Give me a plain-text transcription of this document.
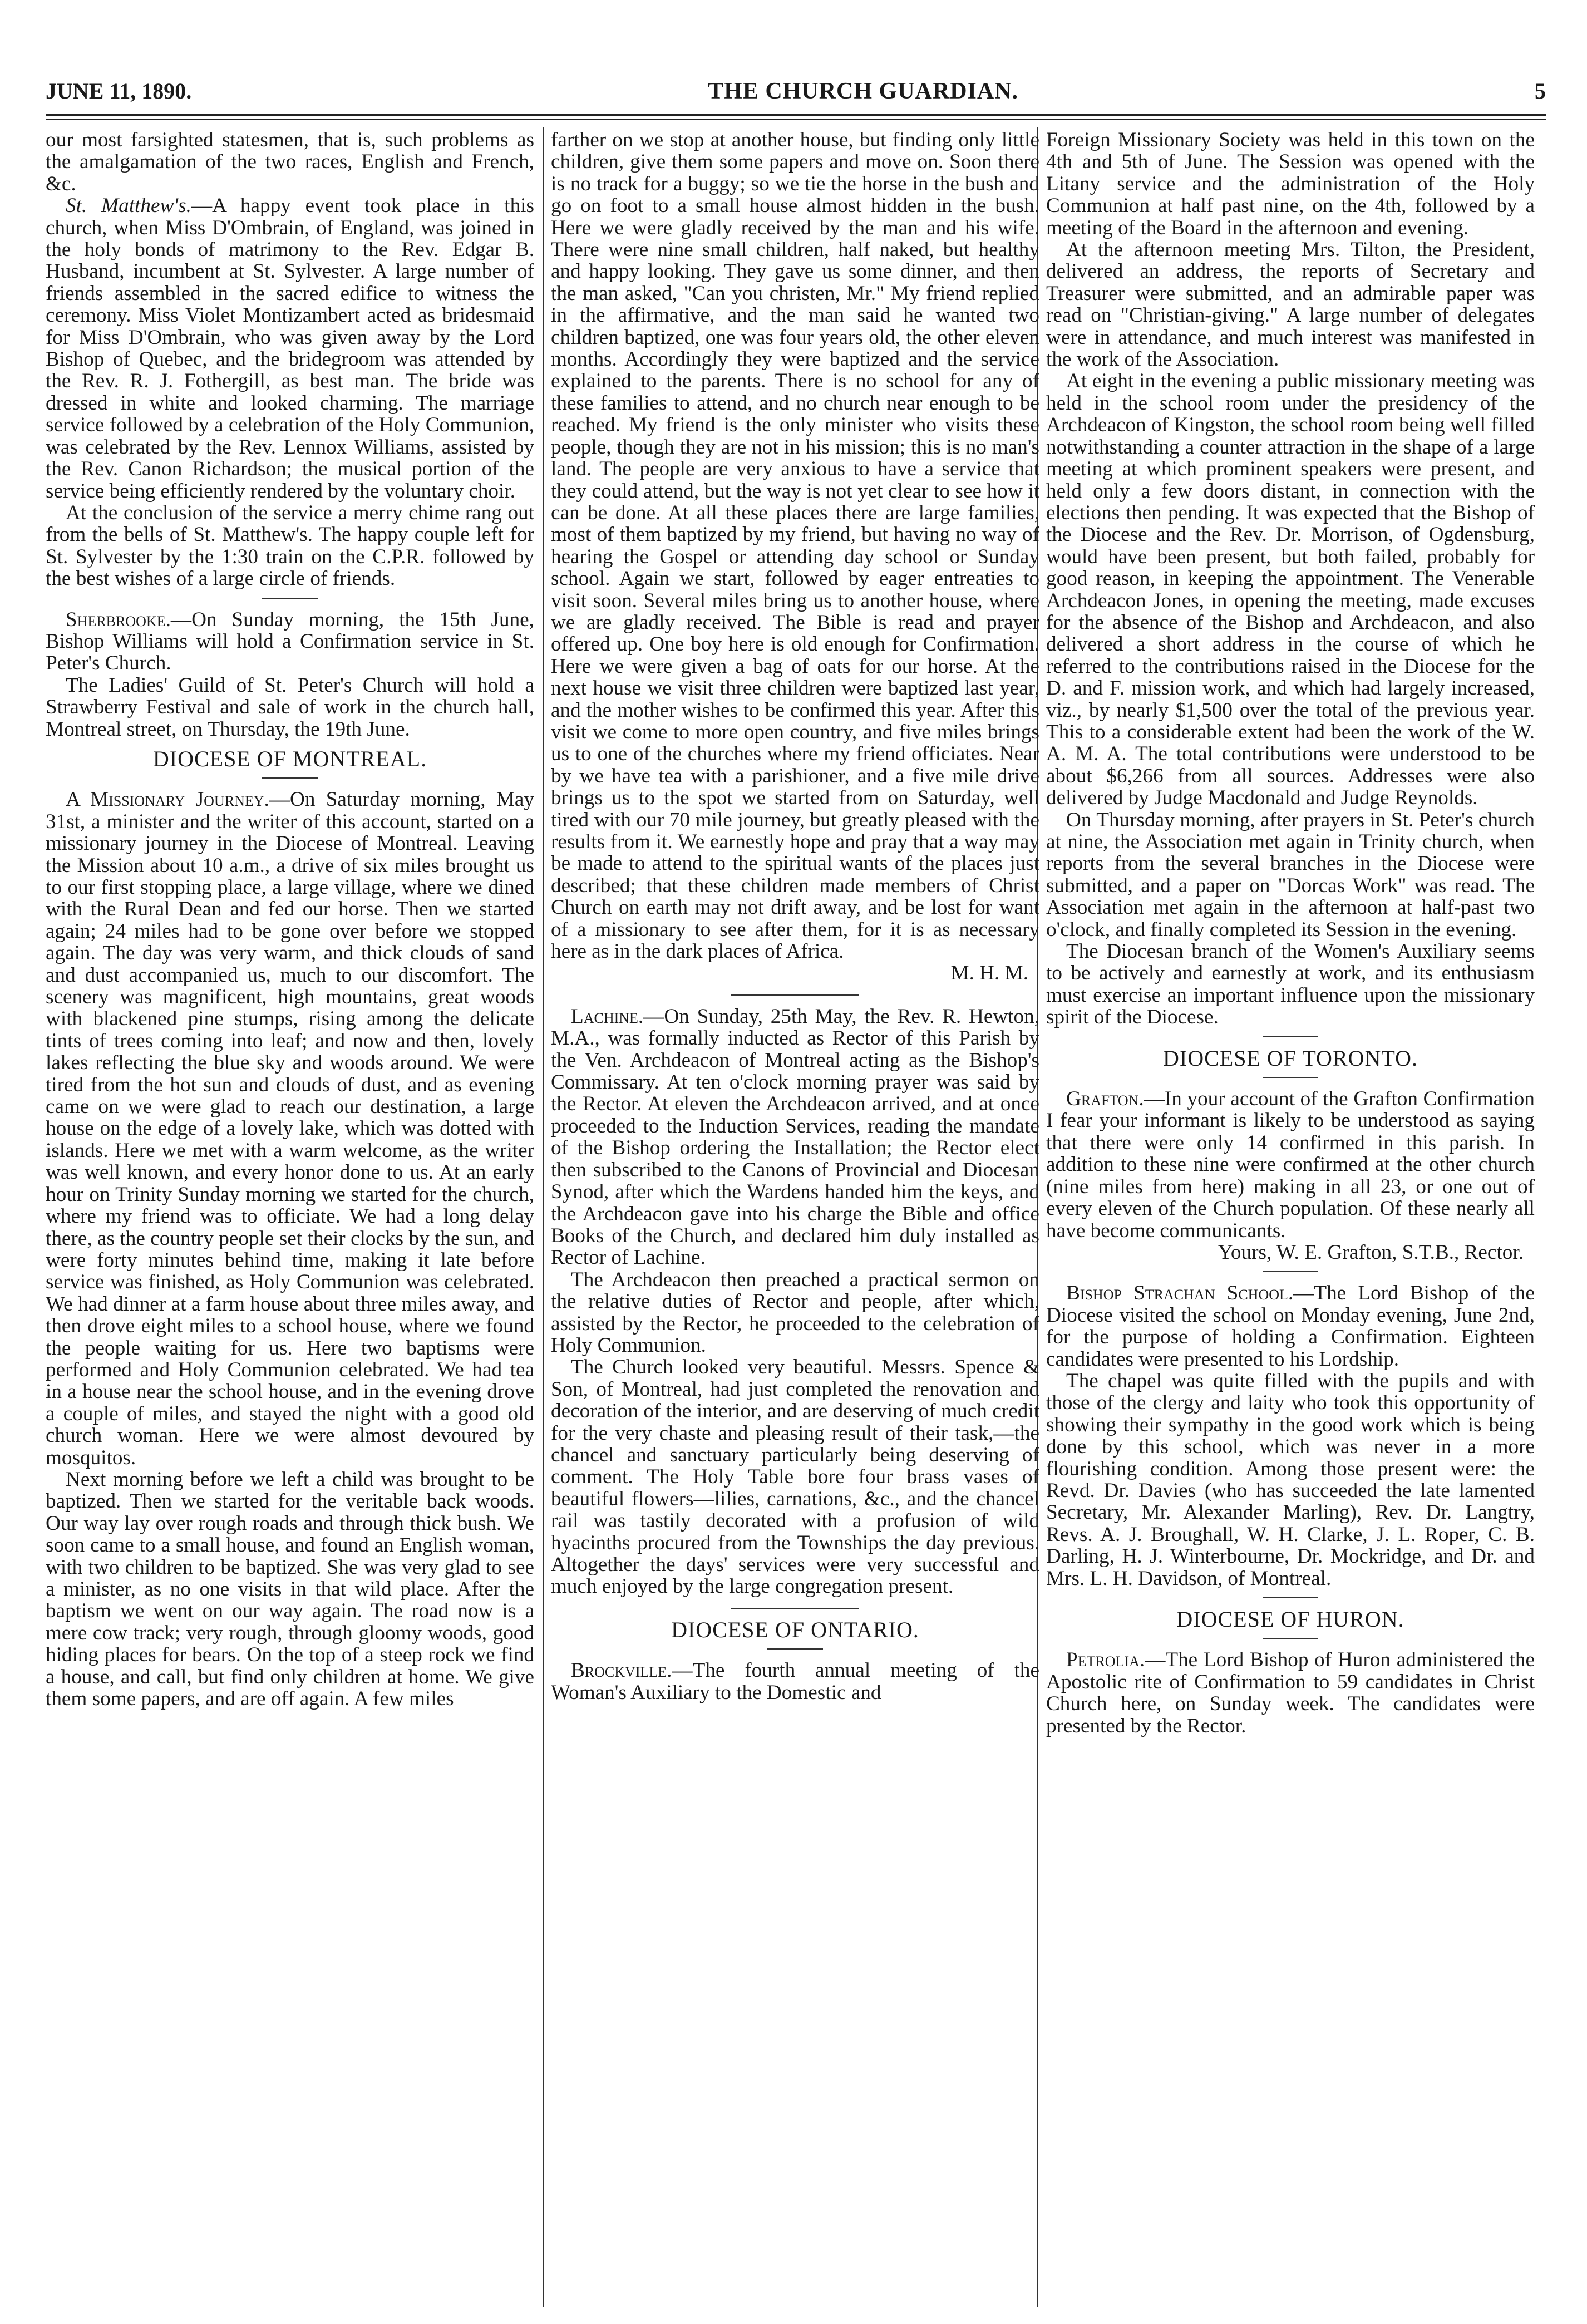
JUNE 11, 1890.	THE CHURCH GUARDIAN.	5

our most farsighted statesmen, that is, such problems as the amalgamation of the two races, English and French, &c.

St. Matthew's.—A happy event took place in this church, when Miss D'Ombrain, of England, was joined in the holy bonds of matrimony to the Rev. Edgar B. Husband, incumbent at St. Sylvester. A large number of friends assembled in the sacred edifice to witness the ceremony. Miss Violet Montizambert acted as bridesmaid for Miss D'Ombrain, who was given away by the Lord Bishop of Quebec, and the bridegroom was attended by the Rev. R. J. Fothergill, as best man. The bride was dressed in white and looked charming. The marriage service followed by a celebration of the Holy Communion, was celebrated by the Rev. Lennox Williams, assisted by the Rev. Canon Richardson; the musical portion of the service being efficiently rendered by the voluntary choir.

At the conclusion of the service a merry chime rang out from the bells of St. Matthew's. The happy couple left for St. Sylvester by the 1:30 train on the C.P.R. followed by the best wishes of a large circle of friends.

Sherbrooke.—On Sunday morning, the 15th June, Bishop Williams will hold a Confirmation service in St. Peter's Church.

The Ladies' Guild of St. Peter's Church will hold a Strawberry Festival and sale of work in the church hall, Montreal street, on Thursday, the 19th June.

DIOCESE OF MONTREAL.

A Missionary Journey.—On Saturday morning, May 31st, a minister and the writer of this account, started on a missionary journey in the Diocese of Montreal. Leaving the Mission about 10 a.m., a drive of six miles brought us to our first stopping place, a large village, where we dined with the Rural Dean and fed our horse. Then we started again; 24 miles had to be gone over before we stopped again. The day was very warm, and thick clouds of sand and dust accompanied us, much to our discomfort. The scenery was magnificent, high mountains, great woods with blackened pine stumps, rising among the delicate tints of trees coming into leaf; and now and then, lovely lakes reflecting the blue sky and woods around. We were tired from the hot sun and clouds of dust, and as evening came on we were glad to reach our destination, a large house on the edge of a lovely lake, which was dotted with islands. Here we met with a warm welcome, as the writer was well known, and every honor done to us. At an early hour on Trinity Sunday morning we started for the church, where my friend was to officiate. We had a long delay there, as the country people set their clocks by the sun, and were forty minutes behind time, making it late before service was finished, as Holy Communion was celebrated. We had dinner at a farm house about three miles away, and then drove eight miles to a school house, where we found the people waiting for us. Here two baptisms were performed and Holy Communion celebrated. We had tea in a house near the school house, and in the evening drove a couple of miles, and stayed the night with a good old church woman. Here we were almost devoured by mosquitos.

Next morning before we left a child was brought to be baptized. Then we started for the veritable back woods. Our way lay over rough roads and through thick bush. We soon came to a small house, and found an English woman, with two children to be baptized. She was very glad to see a minister, as no one visits in that wild place. After the baptism we went on our way again. The road now is a mere cow track; very rough, through gloomy woods, good hiding places for bears. On the top of a steep rock we find a house, and call, but find only children at home. We give them some papers, and are off again. A few miles

farther on we stop at another house, but finding only little children, give them some papers and move on. Soon there is no track for a buggy; so we tie the horse in the bush and go on foot to a small house almost hidden in the bush. Here we were gladly received by the man and his wife. There were nine small children, half naked, but healthy and happy looking. They gave us some dinner, and then the man asked, "Can you christen, Mr." My friend replied in the affirmative, and the man said he wanted two children baptized, one was four years old, the other eleven months. Accordingly they were baptized and the service explained to the parents. There is no school for any of these families to attend, and no church near enough to be reached. My friend is the only minister who visits these people, though they are not in his mission; this is no man's land. The people are very anxious to have a service that they could attend, but the way is not yet clear to see how it can be done. At all these places there are large families, most of them baptized by my friend, but having no way of hearing the Gospel or attending day school or Sunday school. Again we start, followed by eager entreaties to visit soon. Several miles bring us to another house, where we are gladly received. The Bible is read and prayer offered up. One boy here is old enough for Confirmation. Here we were given a bag of oats for our horse. At the next house we visit three children were baptized last year, and the mother wishes to be confirmed this year. After this visit we come to more open country, and five miles brings us to one of the churches where my friend officiates. Near by we have tea with a parishioner, and a five mile drive brings us to the spot we started from on Saturday, well tired with our 70 mile journey, but greatly pleased with the results from it. We earnestly hope and pray that a way may be made to attend to the spiritual wants of the places just described; that these children made members of Christ Church on earth may not drift away, and be lost for want of a missionary to see after them, for it is as necessary here as in the dark places of Africa.

M. H. M.

Lachine.—On Sunday, 25th May, the Rev. R. Hewton, M.A., was formally inducted as Rector of this Parish by the Ven. Archdeacon of Montreal acting as the Bishop's Commissary. At ten o'clock morning prayer was said by the Rector. At eleven the Archdeacon arrived, and at once proceeded to the Induction Services, reading the mandate of the Bishop ordering the Installation; the Rector elect then subscribed to the Canons of Provincial and Diocesan Synod, after which the Wardens handed him the keys, and the Archdeacon gave into his charge the Bible and office Books of the Church, and declared him duly installed as Rector of Lachine.

The Archdeacon then preached a practical sermon on the relative duties of Rector and people, after which, assisted by the Rector, he proceeded to the celebration of Holy Communion.

The Church looked very beautiful. Messrs. Spence & Son, of Montreal, had just completed the renovation and decoration of the interior, and are deserving of much credit for the very chaste and pleasing result of their task,—the chancel and sanctuary particularly being deserving of comment. The Holy Table bore four brass vases of beautiful flowers—lilies, carnations, &c., and the chancel rail was tastily decorated with a profusion of wild hyacinths procured from the Townships the day previous. Altogether the days' services were very successful and much enjoyed by the large congregation present.

DIOCESE OF ONTARIO.

Brockville.—The fourth annual meeting of the Woman's Auxiliary to the Domestic and

Foreign Missionary Society was held in this town on the 4th and 5th of June. The Session was opened with the Litany service and the administration of the Holy Communion at half past nine, on the 4th, followed by a meeting of the Board in the afternoon and evening.

At the afternoon meeting Mrs. Tilton, the President, delivered an address, the reports of Secretary and Treasurer were submitted, and an admirable paper was read on "Christian-giving." A large number of delegates were in attendance, and much interest was manifested in the work of the Association.

At eight in the evening a public missionary meeting was held in the school room under the presidency of the Archdeacon of Kingston, the school room being well filled notwithstanding a counter attraction in the shape of a large meeting at which prominent speakers were present, and held only a few doors distant, in connection with the elections then pending. It was expected that the Bishop of the Diocese and the Rev. Dr. Morrison, of Ogdensburg, would have been present, but both failed, probably for good reason, in keeping the appointment. The Venerable Archdeacon Jones, in opening the meeting, made excuses for the absence of the Bishop and Archdeacon, and also delivered a short address in the course of which he referred to the contributions raised in the Diocese for the D. and F. mission work, and which had largely increased, viz., by nearly $1,500 over the total of the previous year. This to a considerable extent had been the work of the W. A. M. A. The total contributions were understood to be about $6,266 from all sources. Addresses were also delivered by Judge Macdonald and Judge Reynolds.

On Thursday morning, after prayers in St. Peter's church at nine, the Association met again in Trinity church, when reports from the several branches in the Diocese were submitted, and a paper on "Dorcas Work" was read. The Association met again in the afternoon at half-past two o'clock, and finally completed its Session in the evening.

The Diocesan branch of the Women's Auxiliary seems to be actively and earnestly at work, and its enthusiasm must exercise an important influence upon the missionary spirit of the Diocese.

DIOCESE OF TORONTO.

Grafton.—In your account of the Grafton Confirmation I fear your informant is likely to be understood as saying that there were only 14 confirmed in this parish. In addition to these nine were confirmed at the other church (nine miles from here) making in all 23, or one out of every eleven of the Church population. Of these nearly all have become communicants.

Yours, W. E. Grafton, S.T.B., Rector.

Bishop Strachan School.—The Lord Bishop of the Diocese visited the school on Monday evening, June 2nd, for the purpose of holding a Confirmation. Eighteen candidates were presented to his Lordship.

The chapel was quite filled with the pupils and with those of the clergy and laity who took this opportunity of showing their sympathy in the good work which is being done by this school, which was never in a more flourishing condition. Among those present were: the Revd. Dr. Davies (who has succeeded the late lamented Secretary, Mr. Alexander Marling), Rev. Dr. Langtry, Revs. A. J. Broughall, W. H. Clarke, J. L. Roper, C. B. Darling, H. J. Winterbourne, Dr. Mockridge, and Dr. and Mrs. L. H. Davidson, of Montreal.

DIOCESE OF HURON.

Petrolia.—The Lord Bishop of Huron administered the Apostolic rite of Confirmation to 59 candidates in Christ Church here, on Sunday week. The candidates were presented by the Rector.
